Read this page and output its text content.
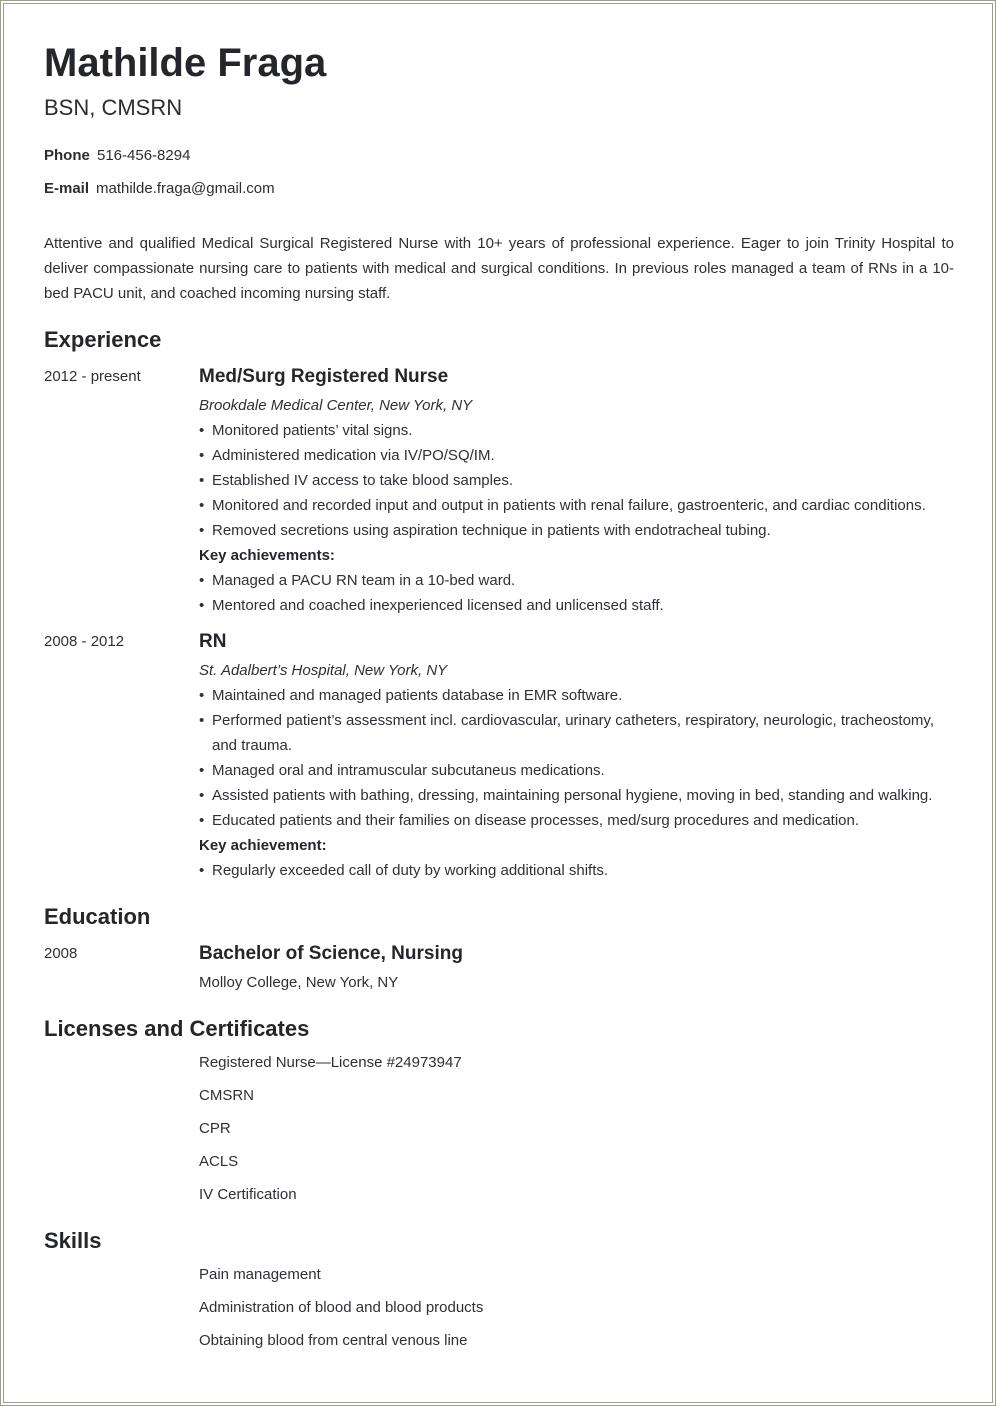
Mathilde Fraga
BSN, CMSRN
Phone 516-456-8294
E-mail mathilde.fraga@gmail.com
Attentive and qualified Medical Surgical Registered Nurse with 10+ years of professional experience. Eager to join Trinity Hospital to deliver compassionate nursing care to patients with medical and surgical conditions. In previous roles managed a team of RNs in a 10-bed PACU unit, and coached incoming nursing staff.
Experience
2012 - present	Med/Surg Registered Nurse
Brookdale Medical Center, New York, NY
• Monitored patients’ vital signs.
• Administered medication via IV/PO/SQ/IM.
• Established IV access to take blood samples.
• Monitored and recorded input and output in patients with renal failure, gastroenteric, and cardiac conditions.
• Removed secretions using aspiration technique in patients with endotracheal tubing.
Key achievements:
• Managed a PACU RN team in a 10-bed ward.
• Mentored and coached inexperienced licensed and unlicensed staff.
2008 - 2012	RN
St. Adalbert’s Hospital, New York, NY
• Maintained and managed patients database in EMR software.
• Performed patient’s assessment incl. cardiovascular, urinary catheters, respiratory, neurologic, tracheostomy, and trauma.
• Managed oral and intramuscular subcutaneus medications.
• Assisted patients with bathing, dressing, maintaining personal hygiene, moving in bed, standing and walking.
• Educated patients and their families on disease processes, med/surg procedures and medication.
Key achievement:
• Regularly exceeded call of duty by working additional shifts.
Education
2008	Bachelor of Science, Nursing
Molloy College, New York, NY
Licenses and Certificates
Registered Nurse—License #24973947
CMSRN
CPR
ACLS
IV Certification
Skills
Pain management
Administration of blood and blood products
Obtaining blood from central venous line
